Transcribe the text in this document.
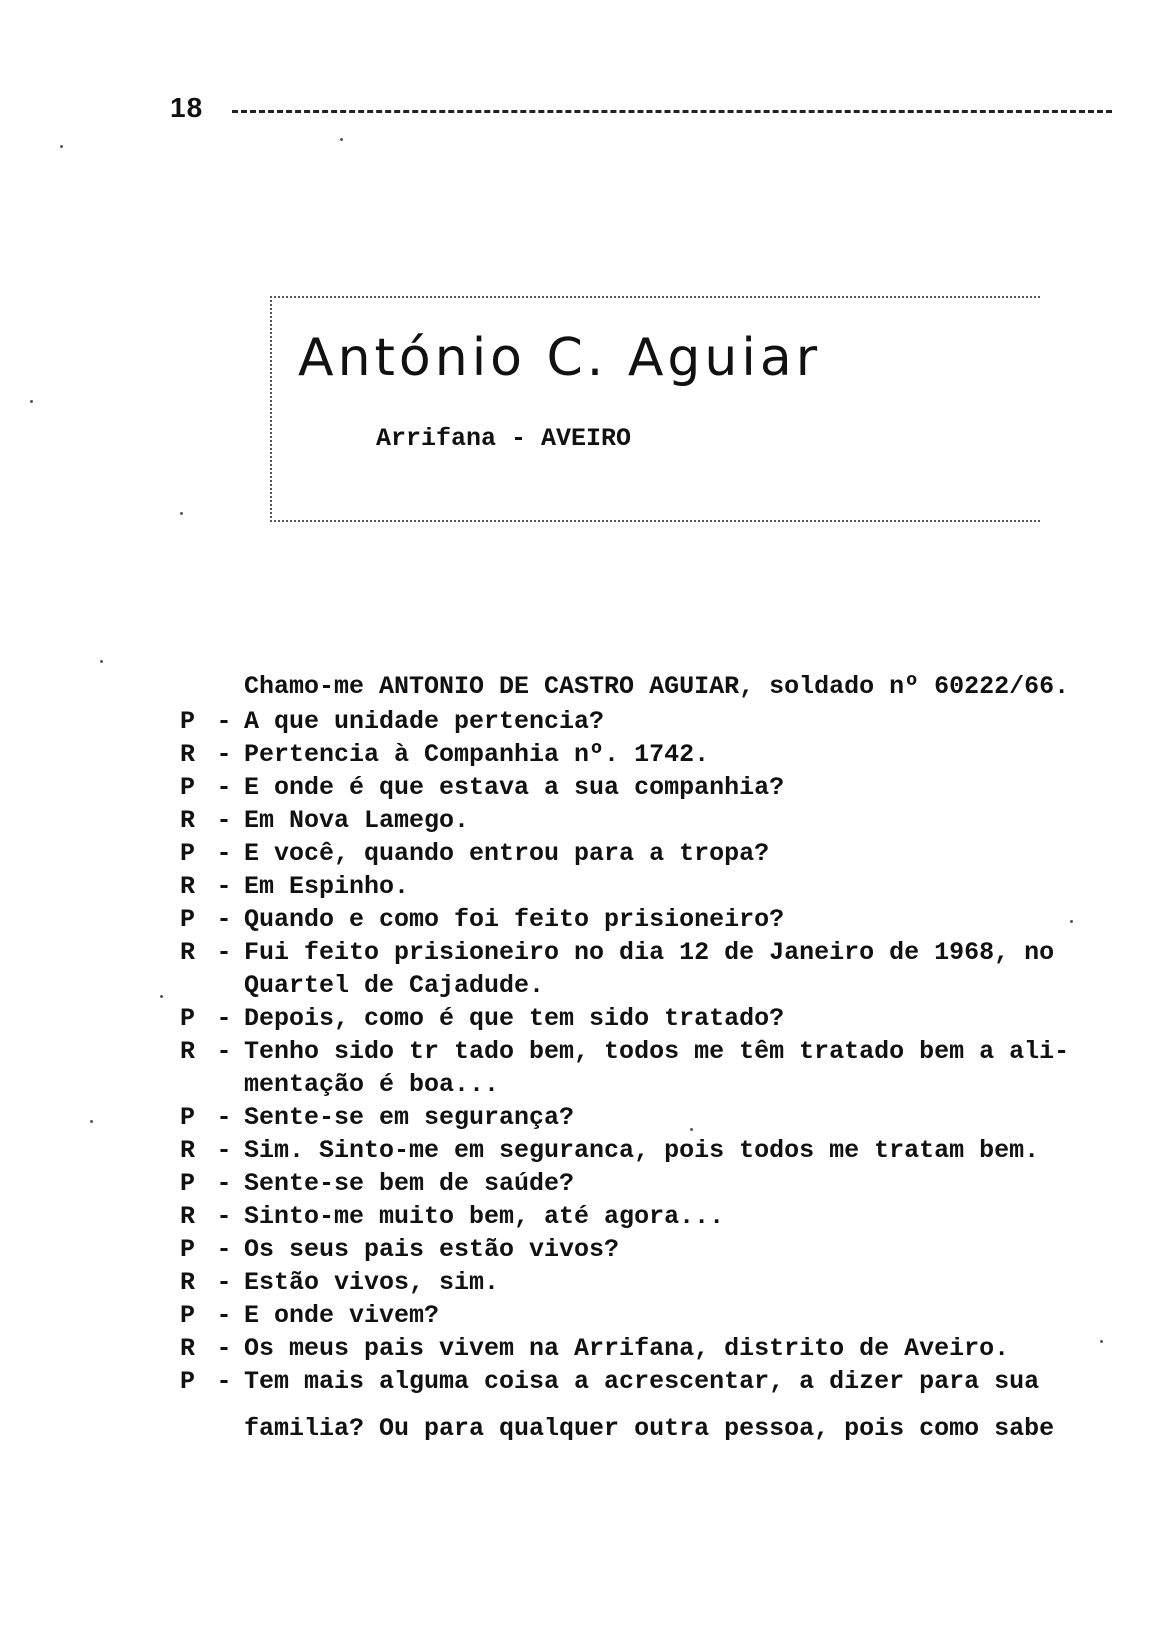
18
António C. Aguiar
Arrifana - AVEIRO
Chamo-me ANTONIO DE CASTRO AGUIAR, soldado nº 60222/66.
P - A que unidade pertencia?
R - Pertencia à Companhia nº. 1742.
P - E onde é que estava a sua companhia?
R - Em Nova Lamego.
P - E você, quando entrou para a tropa?
R - Em Espinho.
P - Quando e como foi feito prisioneiro?
R - Fui feito prisioneiro no dia 12 de Janeiro de 1968, no
Quartel de Cajadude.
P - Depois, como é que tem sido tratado?
R - Tenho sido tr tado bem, todos me têm tratado bem a ali-
mentação é boa...
P - Sente-se em segurança?
R - Sim. Sinto-me em seguranca, pois todos me tratam bem.
P - Sente-se bem de saúde?
R - Sinto-me muito bem, até agora...
P - Os seus pais estão vivos?
R - Estão vivos, sim.
P - E onde vivem?
R - Os meus pais vivem na Arrifana, distrito de Aveiro.
P - Tem mais alguma coisa a acrescentar, a dizer para sua
familia? Ou para qualquer outra pessoa, pois como sabe
